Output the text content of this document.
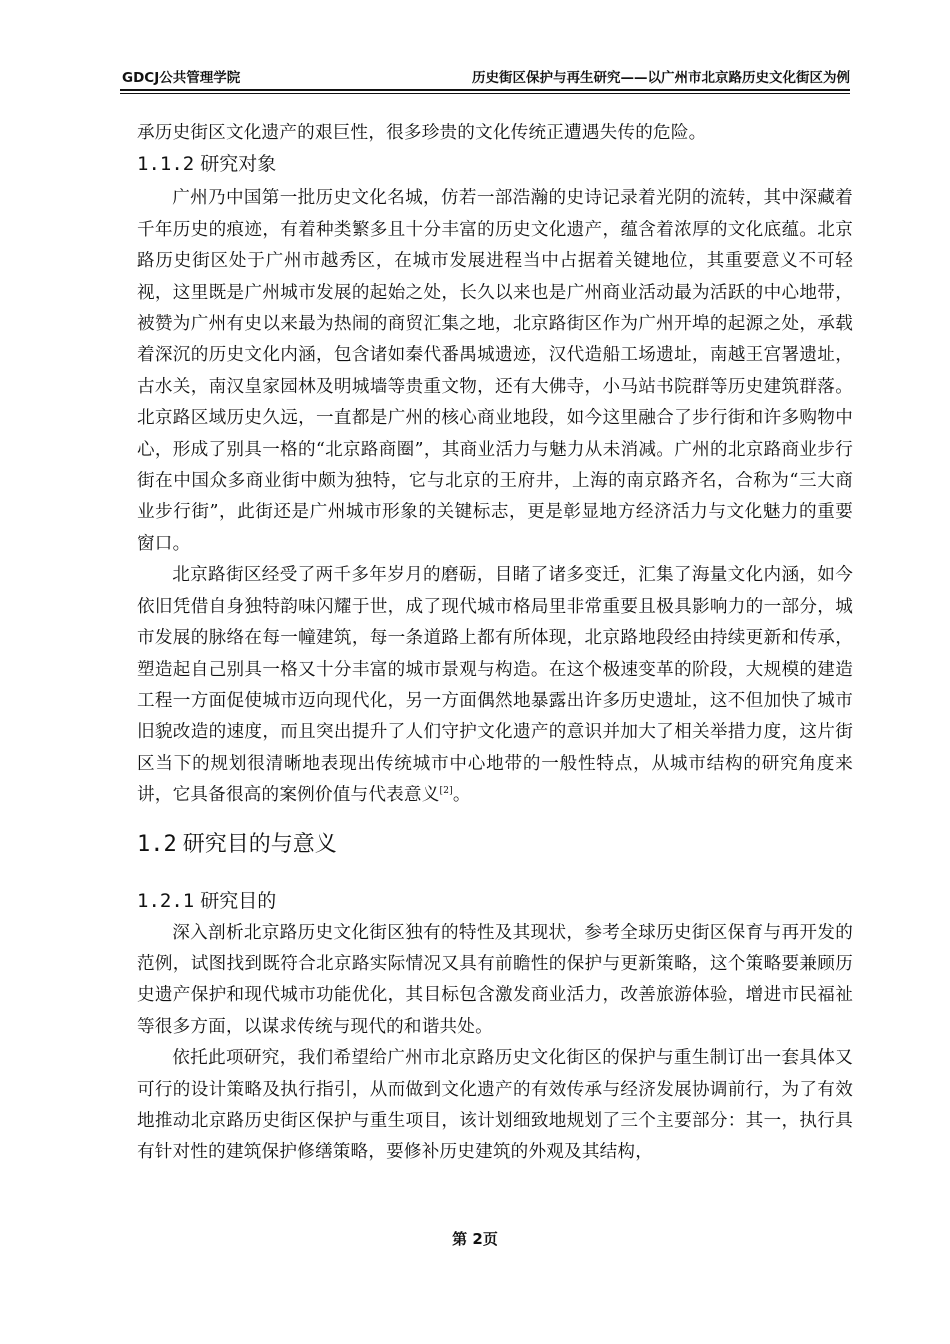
GDCJ公共管理学院	历史街区保护与再生研究——以广州市北京路历史文化街区为例

承历史街区文化遗产的艰巨性，很多珍贵的文化传统正遭遇失传的危险。

1.1.2 研究对象

广州乃中国第一批历史文化名城，仿若一部浩瀚的史诗记录着光阴的流转，其中深藏着千年历史的痕迹，有着种类繁多且十分丰富的历史文化遗产，蕴含着浓厚的文化底蕴。北京路历史街区处于广州市越秀区，在城市发展进程当中占据着关键地位，其重要意义不可轻视，这里既是广州城市发展的起始之处，长久以来也是广州商业活动最为活跃的中心地带，被赞为广州有史以来最为热闹的商贸汇集之地，北京路街区作为广州开埠的起源之处，承载着深沉的历史文化内涵，包含诸如秦代番禺城遗迹，汉代造船工场遗址，南越王宫署遗址，古水关，南汉皇家园林及明城墙等贵重文物，还有大佛寺，小马站书院群等历史建筑群落。北京路区域历史久远，一直都是广州的核心商业地段，如今这里融合了步行街和许多购物中心，形成了别具一格的“北京路商圈”，其商业活力与魅力从未消减。广州的北京路商业步行街在中国众多商业街中颇为独特，它与北京的王府井，上海的南京路齐名，合称为“三大商业步行街”，此街还是广州城市形象的关键标志，更是彰显地方经济活力与文化魅力的重要窗口。

北京路街区经受了两千多年岁月的磨砺，目睹了诸多变迁，汇集了海量文化内涵，如今依旧凭借自身独特韵味闪耀于世，成了现代城市格局里非常重要且极具影响力的一部分，城市发展的脉络在每一幢建筑，每一条道路上都有所体现，北京路地段经由持续更新和传承，塑造起自己别具一格又十分丰富的城市景观与构造。在这个极速变革的阶段，大规模的建造工程一方面促使城市迈向现代化，另一方面偶然地暴露出许多历史遗址，这不但加快了城市旧貌改造的速度，而且突出提升了人们守护文化遗产的意识并加大了相关举措力度，这片街区当下的规划很清晰地表现出传统城市中心地带的一般性特点，从城市结构的研究角度来讲，它具备很高的案例价值与代表意义[2]。

1.2 研究目的与意义
1.2.1 研究目的

深入剖析北京路历史文化街区独有的特性及其现状，参考全球历史街区保育与再开发的范例，试图找到既符合北京路实际情况又具有前瞻性的保护与更新策略，这个策略要兼顾历史遗产保护和现代城市功能优化，其目标包含激发商业活力，改善旅游体验，增进市民福祉等很多方面，以谋求传统与现代的和谐共处。

依托此项研究，我们希望给广州市北京路历史文化街区的保护与重生制订出一套具体又可行的设计策略及执行指引，从而做到文化遗产的有效传承与经济发展协调前行，为了有效地推动北京路历史街区保护与重生项目，该计划细致地规划了三个主要部分：其一，执行具有针对性的建筑保护修缮策略，要修补历史建筑的外观及其结构，

第 2页
